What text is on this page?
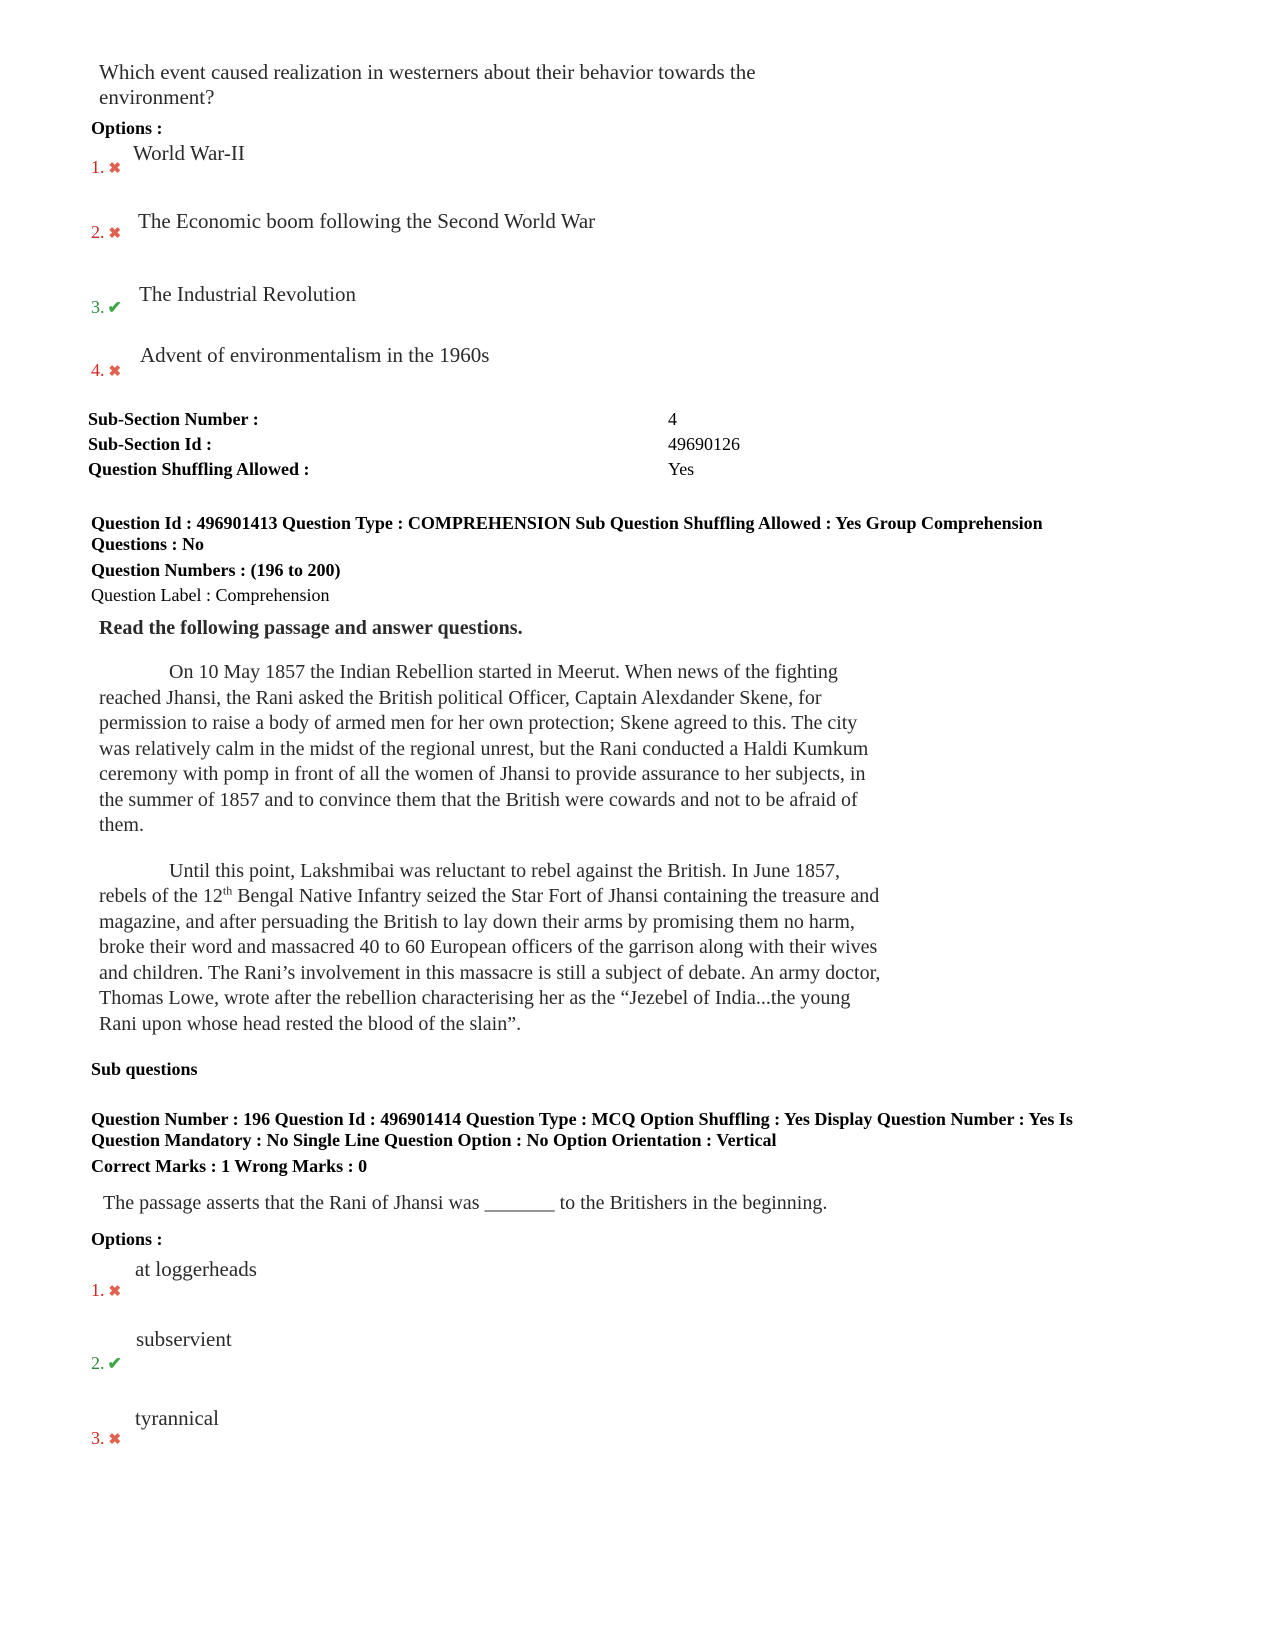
Which event caused realization in westerners about their behavior towards the environment?
Options :
1. ✖
World War-II
2. ✖
The Economic boom following the Second World War
3. ✔
The Industrial Revolution
4. ✖
Advent of environmentalism in the 1960s
Sub-Section Number :	4
Sub-Section Id :	49690126
Question Shuffling Allowed :	Yes
Question Id : 496901413 Question Type : COMPREHENSION Sub Question Shuffling Allowed : Yes Group Comprehension
Questions : No
Question Numbers : (196 to 200)
Question Label : Comprehension
Read the following passage and answer questions.

On 10 May 1857 the Indian Rebellion started in Meerut. When news of the fighting reached Jhansi, the Rani asked the British political Officer, Captain Alexdander Skene, for permission to raise a body of armed men for her own protection; Skene agreed to this. The city was relatively calm in the midst of the regional unrest, but the Rani conducted a Haldi Kumkum ceremony with pomp in front of all the women of Jhansi to provide assurance to her subjects, in the summer of 1857 and to convince them that the British were cowards and not to be afraid of them.

Until this point, Lakshmibai was reluctant to rebel against the British. In June 1857, rebels of the 12th Bengal Native Infantry seized the Star Fort of Jhansi containing the treasure and magazine, and after persuading the British to lay down their arms by promising them no harm, broke their word and massacred 40 to 60 European officers of the garrison along with their wives and children. The Rani’s involvement in this massacre is still a subject of debate. An army doctor, Thomas Lowe, wrote after the rebellion characterising her as the “Jezebel of India...the young Rani upon whose head rested the blood of the slain”.

Sub questions
Question Number : 196 Question Id : 496901414 Question Type : MCQ Option Shuffling : Yes Display Question Number : Yes Is
Question Mandatory : No Single Line Question Option : No Option Orientation : Vertical
Correct Marks : 1 Wrong Marks : 0
The passage asserts that the Rani of Jhansi was _______ to the Britishers in the beginning.
Options :
1. ✖
at loggerheads
2. ✔
subservient
3. ✖
tyrannical
